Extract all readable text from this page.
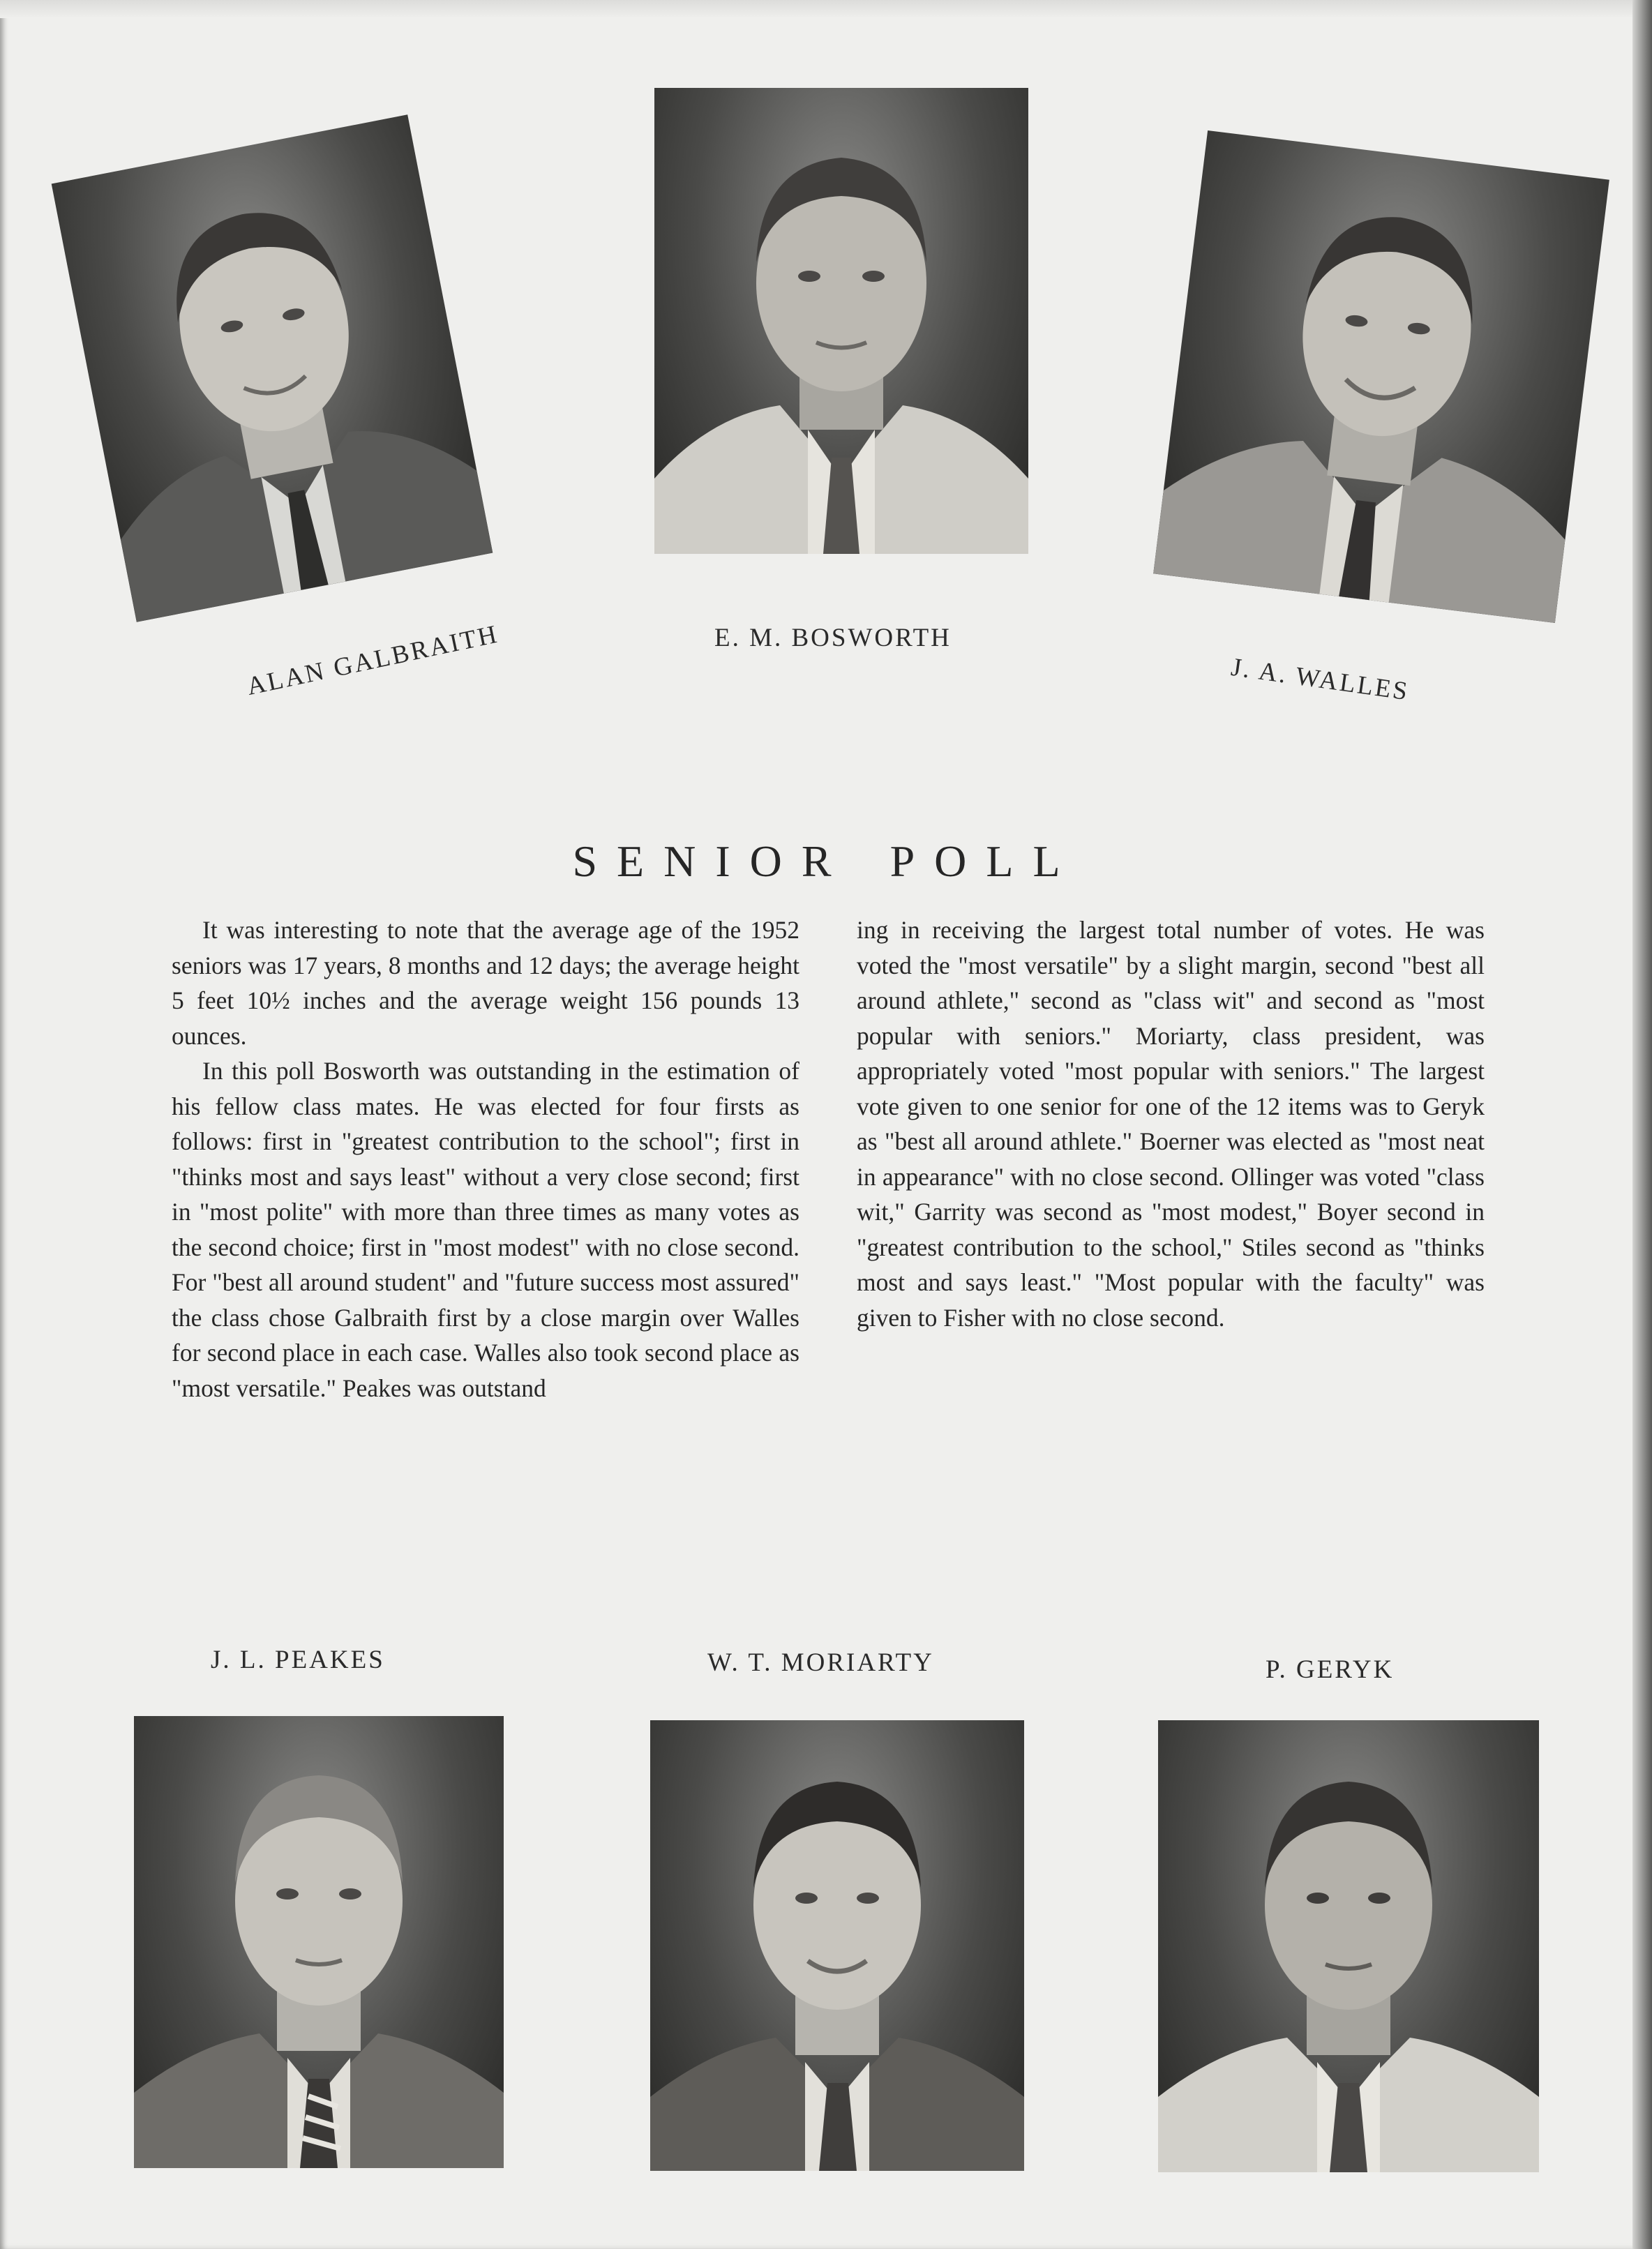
ALAN GALBRAITH	E. M. BOSWORTH
J. A. WALLES
SENIOR POLL

It was interesting to note that the average age of the 1952 seniors was 17 years, 8 months and 12 days; the average height 5 feet 10½ inches and the average weight 156 pounds 13 ounces.

In this poll Bosworth was outstanding in the estimation of his fellow class mates. He was elected for four firsts as follows: first in "greatest contribution to the school"; first in "thinks most and says least" without a very close second; first in "most polite" with more than three times as many votes as the second choice; first in "most modest" with no close second. For "best all around student" and "future success most assured" the class chose Galbraith first by a close margin over Walles for second place in each case. Walles also took second place as "most versatile." Peakes was outstand

ing in receiving the largest total number of votes. He was voted the "most versatile" by a slight margin, second "best all around athlete," second as "class wit" and second as "most popular with seniors." Moriarty, class president, was appropriately voted "most popular with seniors." The largest vote given to one senior for one of the 12 items was to Geryk as "best all around athlete." Boerner was elected as "most neat in appearance" with no close second. Ollinger was voted "class wit," Garrity was second as "most modest," Boyer second in "greatest contribution to the school," Stiles second as "thinks most and says least." "Most popular with the faculty" was given to Fisher with no close second.

J. L. PEAKES	W. T. MORIARTY	P. GERYK
